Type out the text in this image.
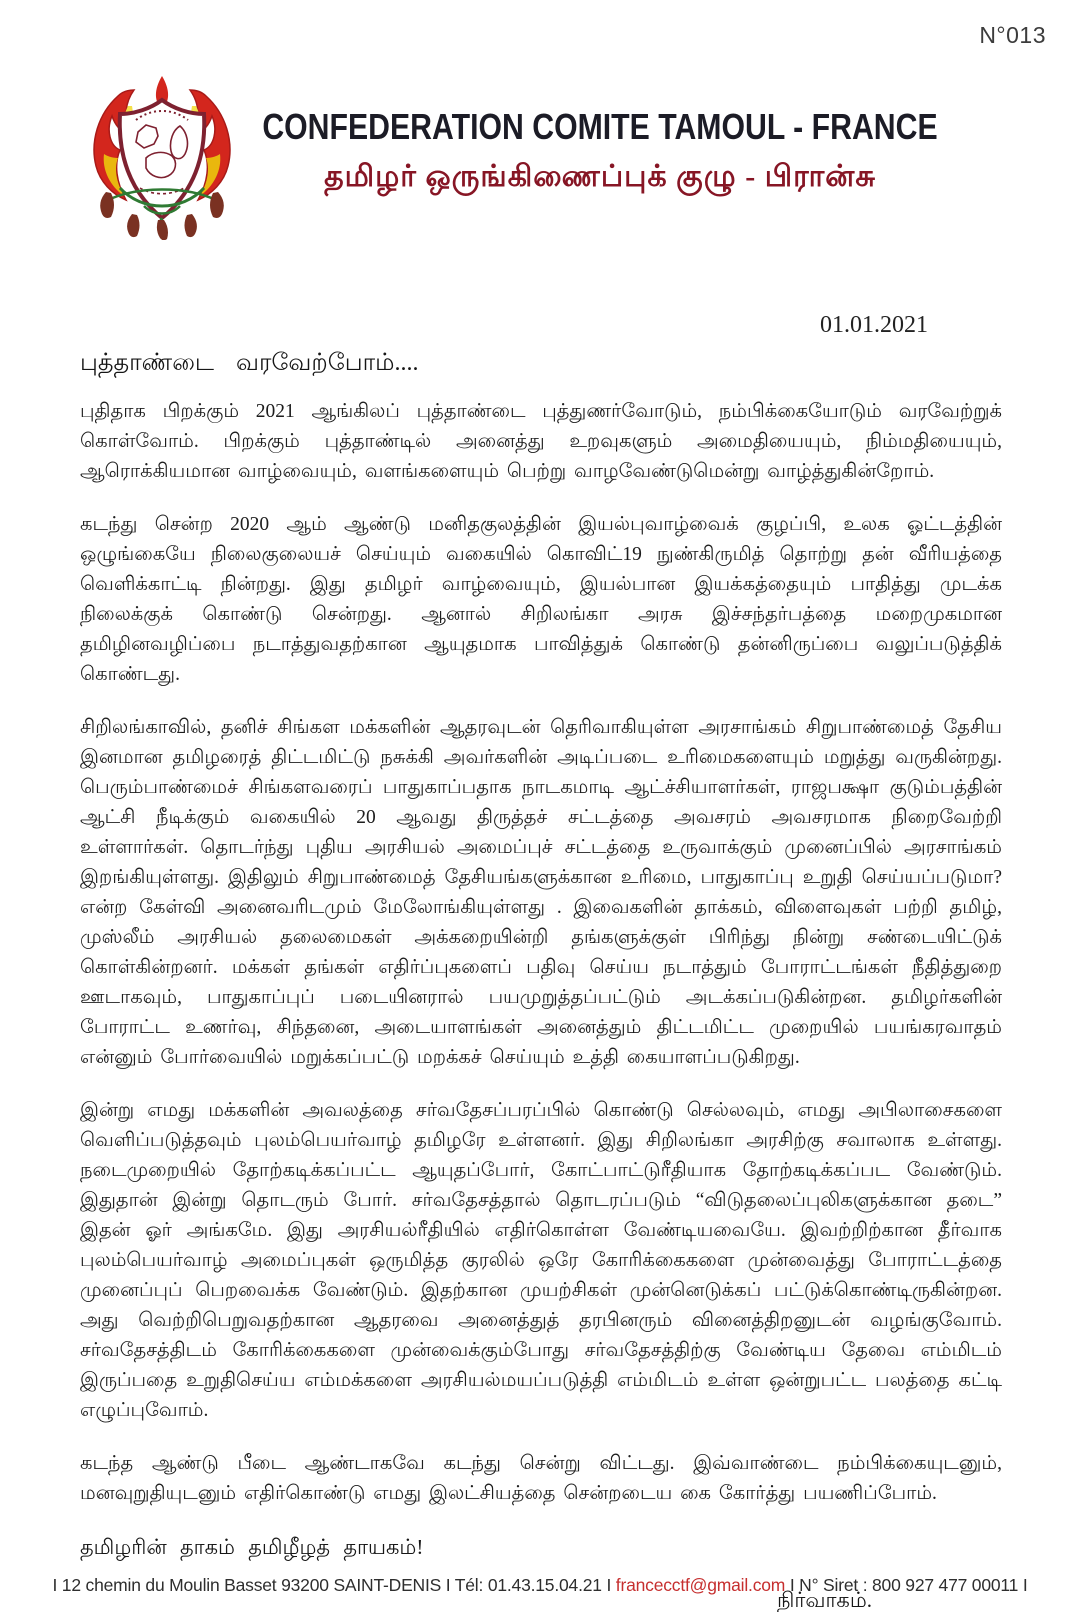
N°013
CONFEDERATION COMITE TAMOUL - FRANCE
தமிழர் ஒருங்கிணைப்புக் குழு - பிரான்சு
01.01.2021
புத்தாண்டை வரவேற்போம்....

புதிதாக பிறக்கும் 2021 ஆங்கிலப் புத்தாண்டை புத்துணர்வோடும், நம்பிக்கையோடும் வரவேற்றுக் கொள்வோம். பிறக்கும் புத்தாண்டில் அனைத்து உறவுகளும் அமைதியையும், நிம்மதியையும், ஆரொக்கியமான வாழ்வையும், வளங்களையும் பெற்று வாழவேண்டுமென்று வாழ்த்துகின்றோம்.

கடந்து சென்ற 2020 ஆம் ஆண்டு மனிதகுலத்தின் இயல்புவாழ்வைக் குழப்பி, உலக ஓட்டத்தின் ஒழுங்கையே நிலைகுலையச் செய்யும் வகையில் கொவிட்19 நுண்கிருமித் தொற்று தன் வீரியத்தை வெளிக்காட்டி நின்றது. இது தமிழர் வாழ்வையும், இயல்பான இயக்கத்தையும் பாதித்து முடக்க நிலைக்குக் கொண்டு சென்றது. ஆனால் சிறிலங்கா அரசு இச்சந்தர்பத்தை மறைமுகமான தமிழினவழிப்பை நடாத்துவதற்கான ஆயுதமாக பாவித்துக் கொண்டு தன்னிருப்பை வலுப்படுத்திக் கொண்டது.

சிறிலங்காவில், தனிச் சிங்கள மக்களின் ஆதரவுடன் தெரிவாகியுள்ள அரசாங்கம் சிறுபாண்மைத் தேசிய இனமான தமிழரைத் திட்டமிட்டு நசுக்கி அவர்களின் அடிப்படை உரிமைகளையும் மறுத்து வருகின்றது. பெரும்பாண்மைச் சிங்களவரைப் பாதுகாப்பதாக நாடகமாடி ஆட்ச்சியாளர்கள், ராஜபக்ஷா குடும்பத்தின் ஆட்சி நீடிக்கும் வகையில் 20 ஆவது திருத்தச் சட்டத்தை அவசரம் அவசரமாக நிறைவேற்றி உள்ளார்கள். தொடர்ந்து புதிய அரசியல் அமைப்புச் சட்டத்தை உருவாக்கும் முனைப்பில் அரசாங்கம் இறங்கியுள்ளது. இதிலும் சிறுபாண்மைத் தேசியங்களுக்கான உரிமை, பாதுகாப்பு உறுதி செய்யப்படுமா? என்ற கேள்வி அனைவரிடமும் மேலோங்கியுள்ளது . இவைகளின் தாக்கம், விளைவுகள் பற்றி தமிழ், முஸ்லீம் அரசியல் தலைமைகள் அக்கறையின்றி தங்களுக்குள் பிரிந்து நின்று சண்டையிட்டுக் கொள்கின்றனர். மக்கள் தங்கள் எதிர்ப்புகளைப் பதிவு செய்ய நடாத்தும் போராட்டங்கள் நீதித்துறை ஊடாகவும், பாதுகாப்புப் படையினரால் பயமுறுத்தப்பட்டும் அடக்கப்படுகின்றன. தமிழர்களின் போராட்ட உணர்வு, சிந்தனை, அடையாளங்கள் அனைத்தும் திட்டமிட்ட முறையில் பயங்கரவாதம் என்னும் போர்வையில் மறுக்கப்பட்டு மறக்கச் செய்யும் உத்தி கையாளப்படுகிறது.

இன்று எமது மக்களின் அவலத்தை சர்வதேசப்பரப்பில் கொண்டு செல்லவும், எமது அபிலாசைகளை வெளிப்படுத்தவும் புலம்பெயர்வாழ் தமிழரே உள்ளனர். இது சிறிலங்கா அரசிற்கு சவாலாக உள்ளது. நடைமுறையில் தோற்கடிக்கப்பட்ட ஆயுதப்போர், கோட்பாட்டுரீதியாக தோற்கடிக்கப்பட வேண்டும். இதுதான் இன்று தொடரும் போர். சர்வதேசத்தால் தொடரப்படும் “விடுதலைப்புலிகளுக்கான தடை” இதன் ஓர் அங்கமே. இது அரசியல்ரீதியில் எதிர்கொள்ள வேண்டியவையே. இவற்றிற்கான தீர்வாக புலம்பெயர்வாழ் அமைப்புகள் ஒருமித்த குரலில் ஒரே கோரிக்கைகளை முன்வைத்து போராட்டத்தை முனைப்புப் பெறவைக்க வேண்டும். இதற்கான முயற்சிகள் முன்னெடுக்கப் பட்டுக்கொண்டிருகின்றன. அது வெற்றிபெறுவதற்கான ஆதரவை அனைத்துத் தரபினரும் வினைத்திறனுடன் வழங்குவோம். சர்வதேசத்திடம் கோரிக்கைகளை முன்வைக்கும்போது சர்வதேசத்திற்கு வேண்டிய தேவை எம்மிடம் இருப்பதை உறுதிசெய்ய எம்மக்களை அரசியல்மயப்படுத்தி எம்மிடம் உள்ள ஒன்றுபட்ட பலத்தை கட்டி எழுப்புவோம்.

கடந்த ஆண்டு பீடை ஆண்டாகவே கடந்து சென்று விட்டது. இவ்வாண்டை நம்பிக்கையுடனும், மனவுறுதியுடனும் எதிர்கொண்டு எமது இலட்சியத்தை சென்றடைய கை கோர்த்து பயணிப்போம்.

தமிழரின் தாகம் தமிழீழத் தாயகம்!

நிர்வாகம்.

I 12 chemin du Moulin Basset 93200 SAINT-DENIS I Tél: 01.43.15.04.21 I francecctf@gmail.com I N° Siret : 800 927 477 00011 I
